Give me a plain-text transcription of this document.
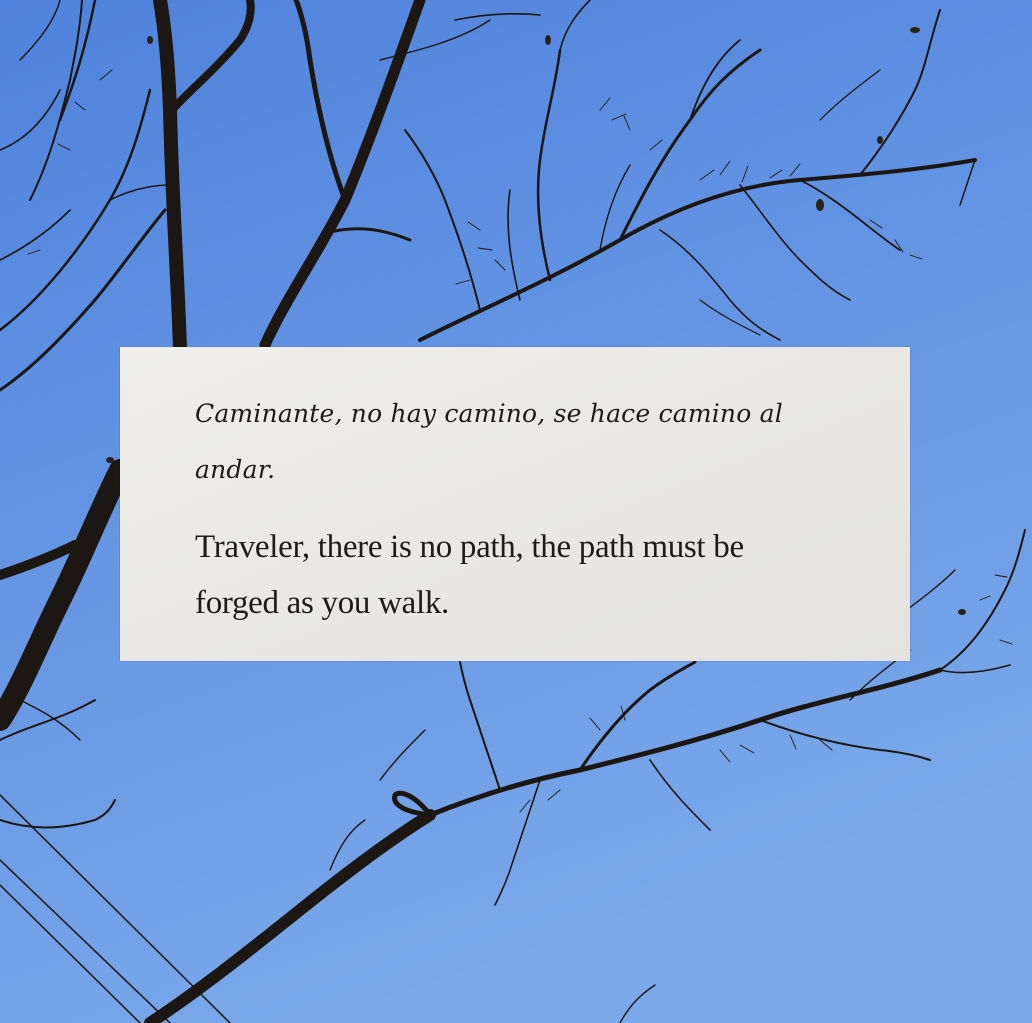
Caminante, no hay camino, se hace camino al

andar.

Traveler, there is no path, the path must be

forged as you walk.
